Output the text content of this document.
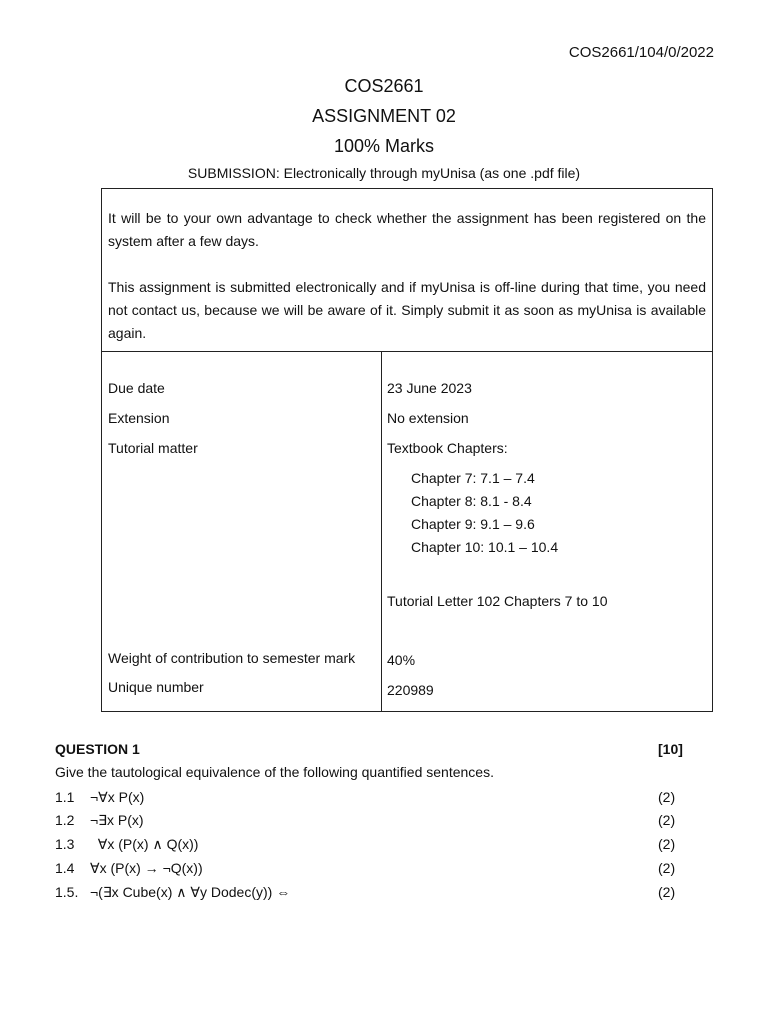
COS2661/104/0/2022
COS2661
ASSIGNMENT 02
100% Marks
SUBMISSION: Electronically through myUnisa (as one .pdf file)

It will be to your own advantage to check whether the assignment has been registered on the system after a few days.

This assignment is submitted electronically and if myUnisa is off-line during that time, you need not contact us, because we will be aware of it. Simply submit it as soon as myUnisa is available again.

Due date	23 June 2023
Extension	No extension
Tutorial matter	Textbook Chapters:
Chapter 7: 7.1 – 7.4
Chapter 8: 8.1 - 8.4
Chapter 9: 9.1 – 9.6
Chapter 10: 10.1 – 10.4
Tutorial Letter 102 Chapters 7 to 10
Weight of contribution to semester mark 40%
Unique number	220989
QUESTION 1	[10]
Give the tautological equivalence of the following quantified sentences.
1.1 ¬∀x P(x)	(2)
1.2 ¬∃x P(x)	(2)
1.3 ∀x (P(x) ∧ Q(x))	(2)
1.4 ∀x (P(x) → ¬Q(x))	(2)
1.5. ¬(∃x Cube(x) ∧ ∀y Dodec(y)) ⇔	(2)
